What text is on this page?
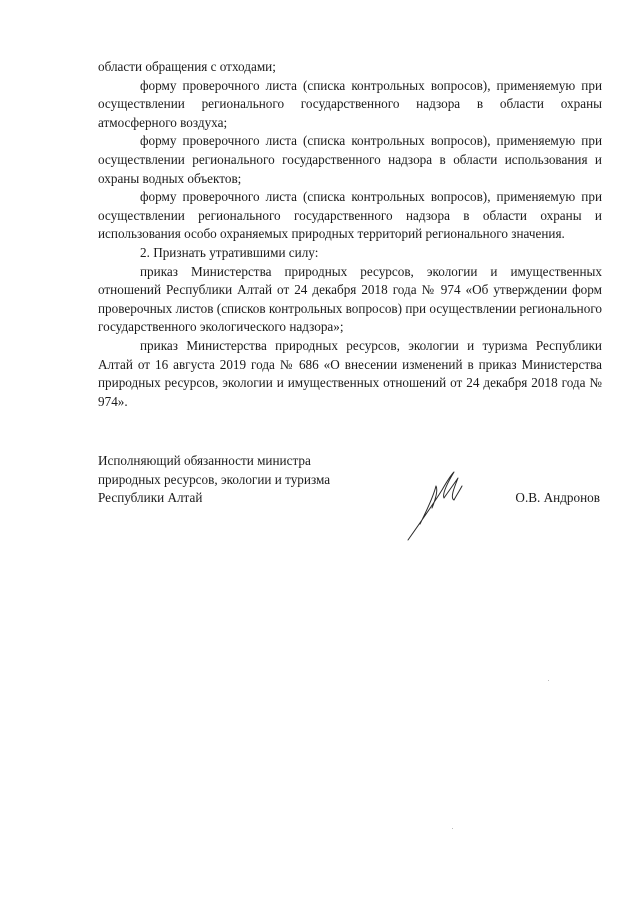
области обращения с отходами;

форму проверочного листа (списка контрольных вопросов), применяемую при осуществлении регионального государственного надзора в области охраны атмосферного воздуха;

форму проверочного листа (списка контрольных вопросов), применяемую при осуществлении регионального государственного надзора в области использования и охраны водных объектов;

форму проверочного листа (списка контрольных вопросов), применяемую при осуществлении регионального государственного надзора в области охраны и использования особо охраняемых природных территорий регионального значения.

2. Признать утратившими силу:

приказ Министерства природных ресурсов, экологии и имущественных отношений Республики Алтай от 24 декабря 2018 года № 974 «Об утверждении форм проверочных листов (списков контрольных вопросов) при осуществлении регионального государственного экологического надзора»;

приказ Министерства природных ресурсов, экологии и туризма Республики Алтай от 16 августа 2019 года № 686 «О внесении изменений в приказ Министерства природных ресурсов, экологии и имущественных отношений от 24 декабря 2018 года № 974».

Исполняющий обязанности министра
природных ресурсов, экологии и туризма
Республики Алтай	О.В. Андронов
